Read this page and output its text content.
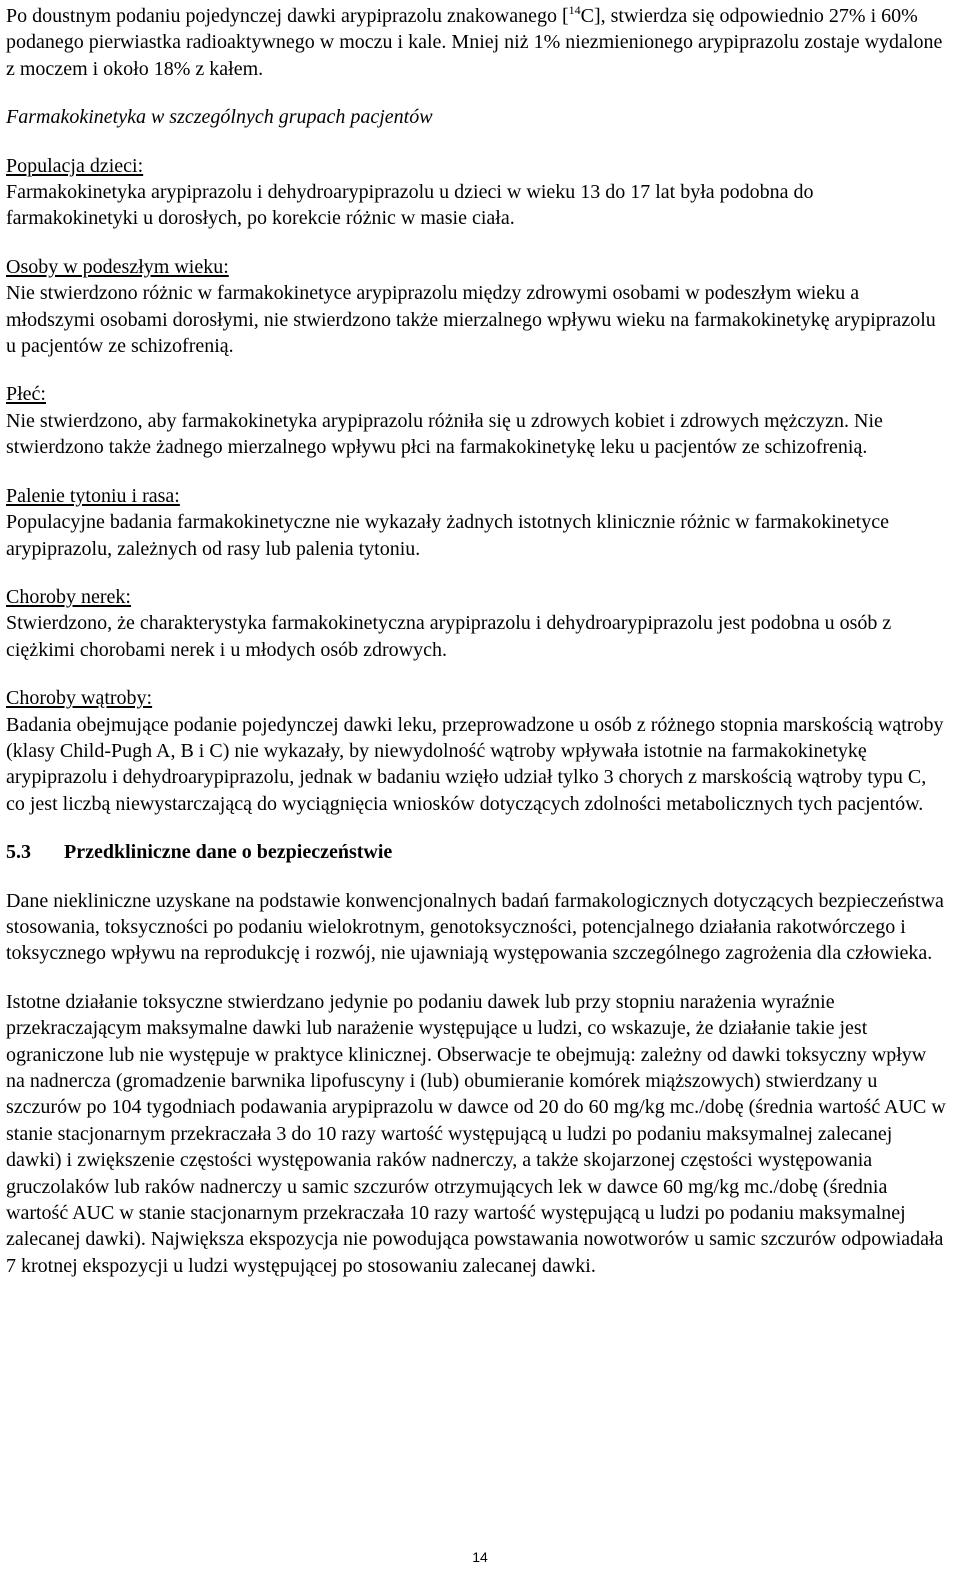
Po doustnym podaniu pojedynczej dawki arypiprazolu znakowanego [$^{14}$C], stwierdza się odpowiednio 27% i 60% podanego pierwiastka radioaktywnego w moczu i kale. Mniej niż 1% niezmienionego arypiprazolu zostaje wydalone z moczem i około 18% z kałem.

Farmakokinetyka w szczególnych grupach pacjentów

Populacja dzieci:

Farmakokinetyka arypiprazolu i dehydroarypiprazolu u dzieci w wieku 13 do 17 lat była podobna do farmakokinetyki u dorosłych, po korekcie różnic w masie ciała.

Osoby w podeszłym wieku:

Nie stwierdzono różnic w farmakokinetyce arypiprazolu między zdrowymi osobami w podeszłym wieku a młodszymi osobami dorosłymi, nie stwierdzono także mierzalnego wpływu wieku na farmakokinetykę arypiprazolu u pacjentów ze schizofrenią.

Płeć:

Nie stwierdzono, aby farmakokinetyka arypiprazolu różniła się u zdrowych kobiet i zdrowych mężczyzn. Nie stwierdzono także żadnego mierzalnego wpływu płci na farmakokinetykę leku u pacjentów ze schizofrenią.

Palenie tytoniu i rasa:

Populacyjne badania farmakokinetyczne nie wykazały żadnych istotnych klinicznie różnic w farmakokinetyce arypiprazolu, zależnych od rasy lub palenia tytoniu.

Choroby nerek:

Stwierdzono, że charakterystyka farmakokinetyczna arypiprazolu i dehydroarypiprazolu jest podobna u osób z ciężkimi chorobami nerek i u młodych osób zdrowych.

Choroby wątroby:

Badania obejmujące podanie pojedynczej dawki leku, przeprowadzone u osób z różnego stopnia marskością wątroby (klasy Child-Pugh A, B i C) nie wykazały, by niewydolność wątroby wpływała istotnie na farmakokinetykę arypiprazolu i dehydroarypiprazolu, jednak w badaniu wzięło udział tylko 3 chorych z marskością wątroby typu C, co jest liczbą niewystarczającą do wyciągnięcia wniosków dotyczących zdolności metabolicznych tych pacjentów.

5.3 Przedkliniczne dane o bezpieczeństwie

Dane niekliniczne uzyskane na podstawie konwencjonalnych badań farmakologicznych dotyczących bezpieczeństwa stosowania, toksyczności po podaniu wielokrotnym, genotoksyczności, potencjalnego działania rakotwórczego i toksycznego wpływu na reprodukcję i rozwój, nie ujawniają występowania szczególnego zagrożenia dla człowieka.

Istotne działanie toksyczne stwierdzano jedynie po podaniu dawek lub przy stopniu narażenia wyraźnie przekraczającym maksymalne dawki lub narażenie występujące u ludzi, co wskazuje, że działanie takie jest ograniczone lub nie występuje w praktyce klinicznej. Obserwacje te obejmują: zależny od dawki toksyczny wpływ na nadnercza (gromadzenie barwnika lipofuscyny i (lub) obumieranie komórek miąższowych) stwierdzany u szczurów po 104 tygodniach podawania arypiprazolu w dawce od 20 do 60 mg/kg mc./dobę (średnia wartość AUC w stanie stacjonarnym przekraczała 3 do 10 razy wartość występującą u ludzi po podaniu maksymalnej zalecanej dawki) i zwiększenie częstości występowania raków nadnerczy, a także skojarzonej częstości występowania gruczolaków lub raków nadnerczy u samic szczurów otrzymujących lek w dawce 60 mg/kg mc./dobę (średnia wartość AUC w stanie stacjonarnym przekraczała 10 razy wartość występującą u ludzi po podaniu maksymalnej zalecanej dawki). Największa ekspozycja nie powodująca powstawania nowotworów u samic szczurów odpowiadała 7 krotnej ekspozycji u ludzi występującej po stosowaniu zalecanej dawki.

14
